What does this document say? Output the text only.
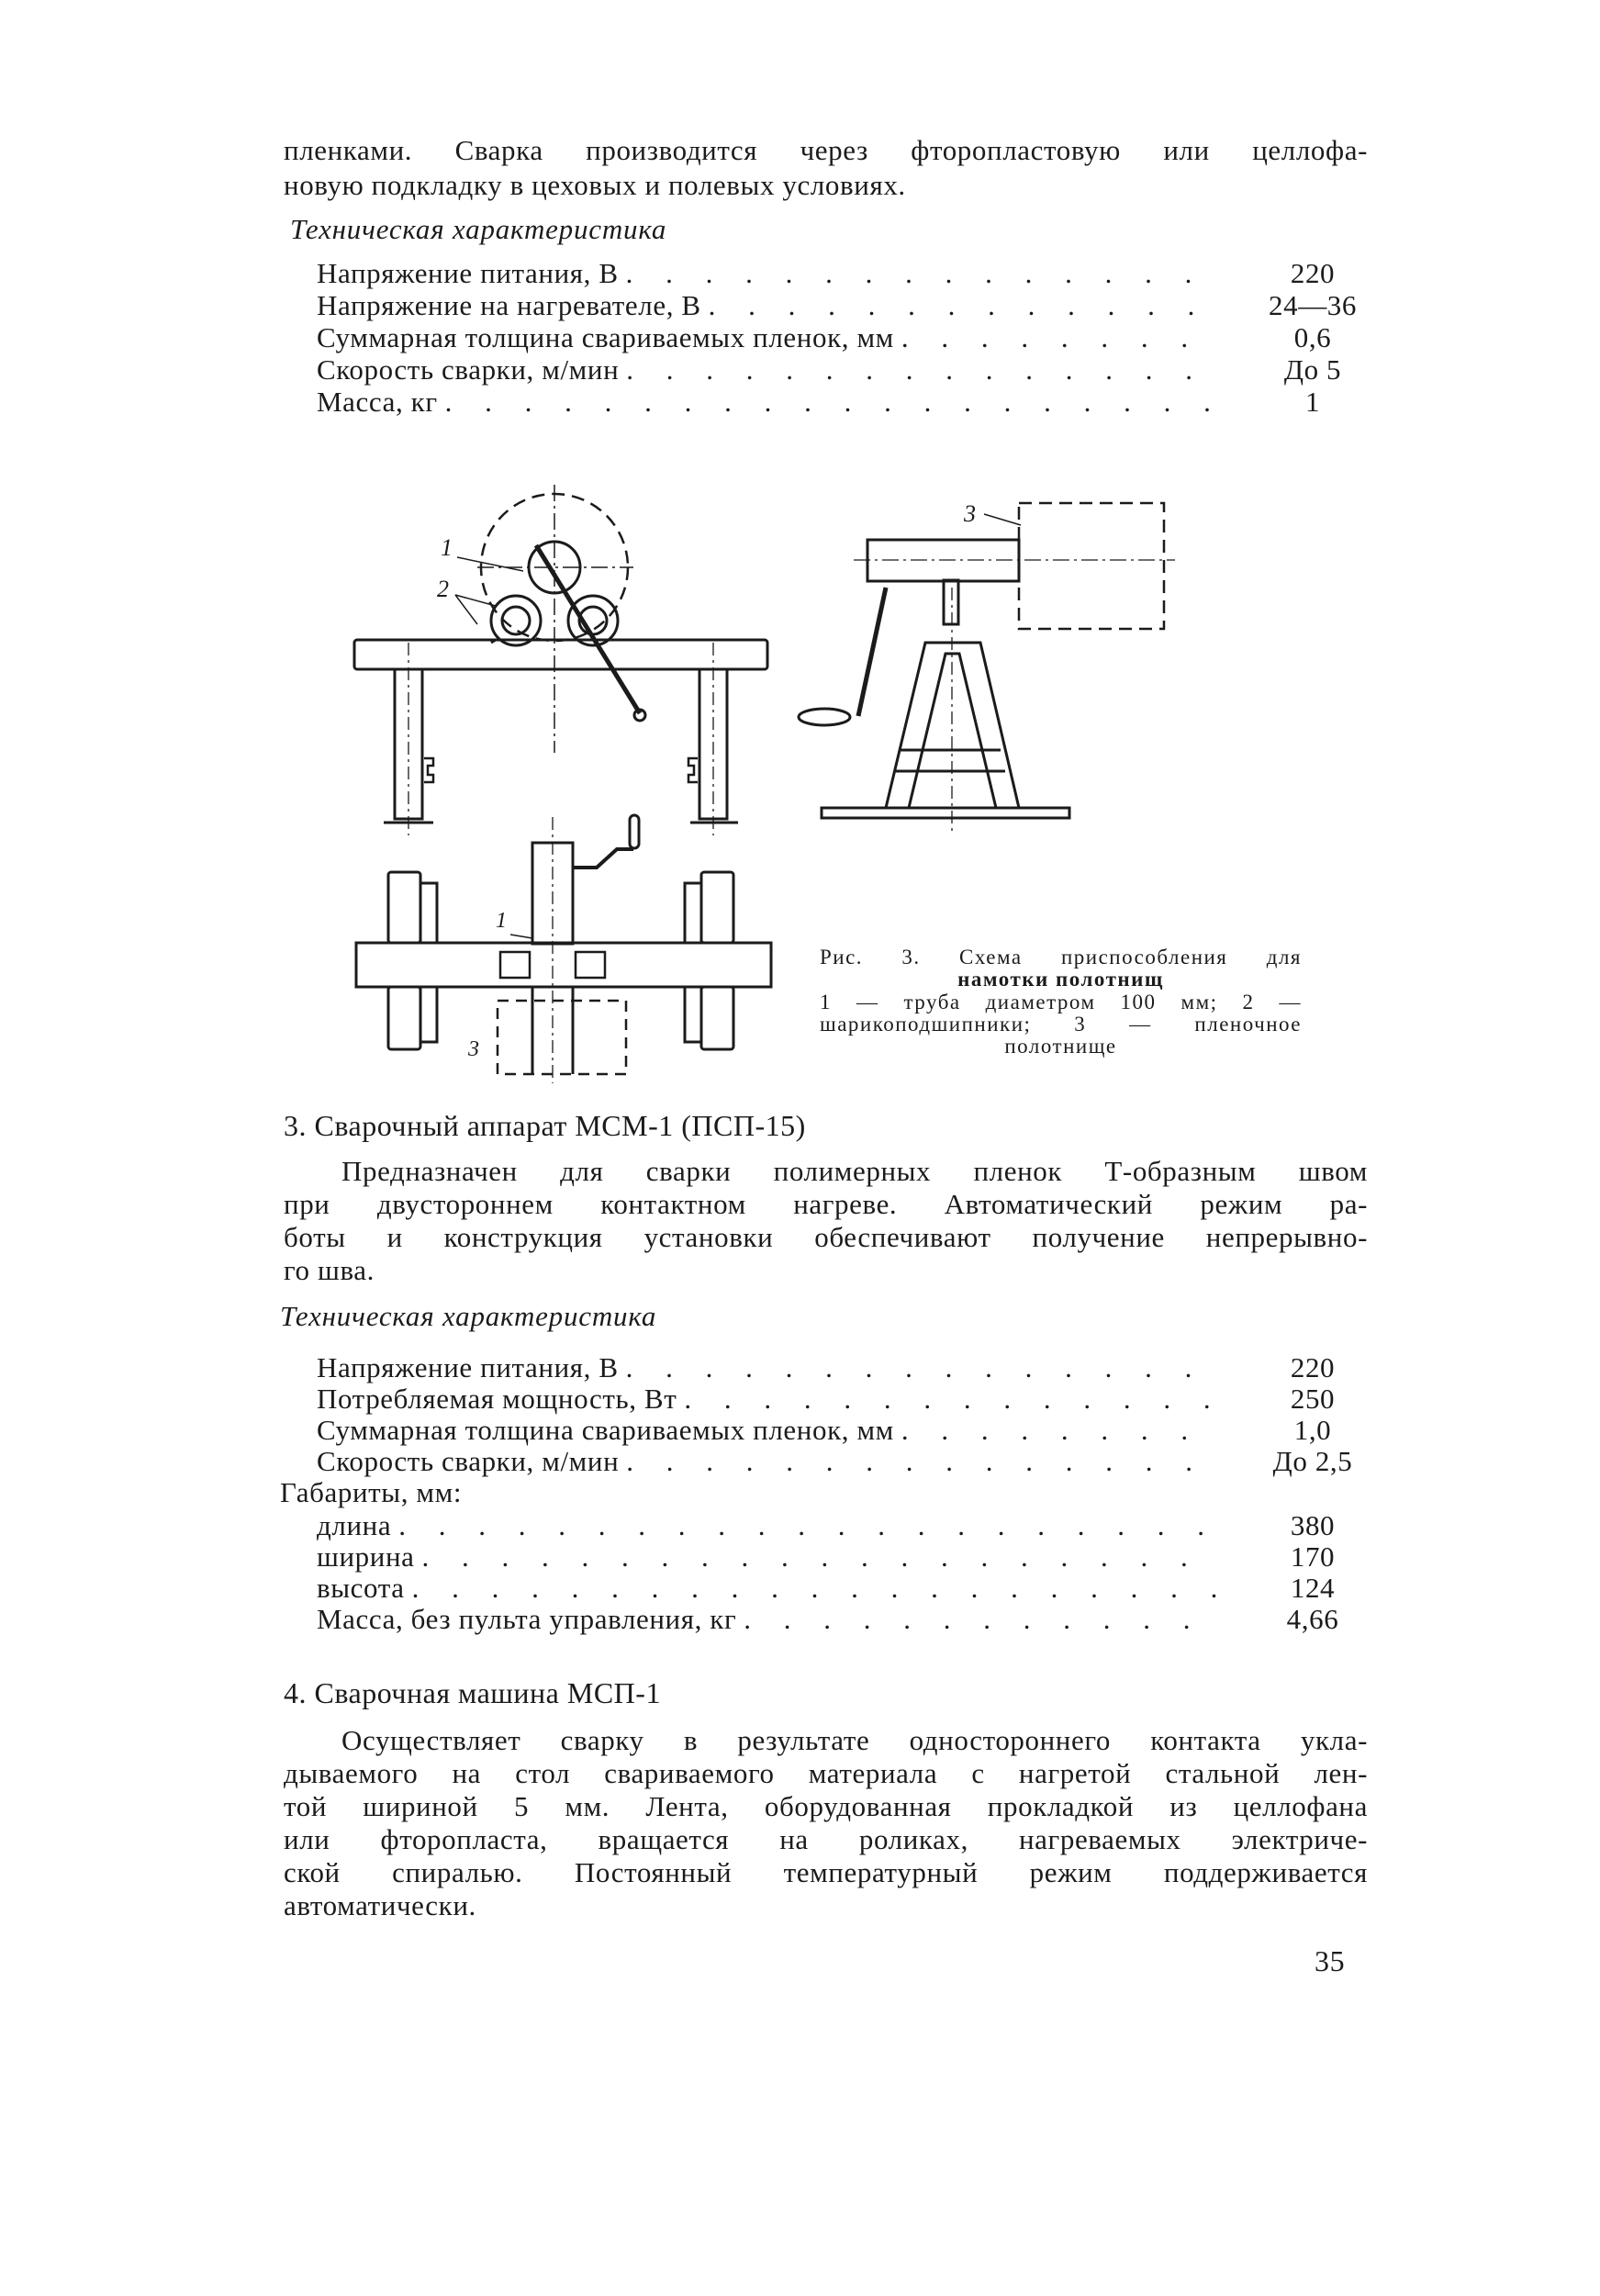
пленками. Сварка производится через фторопластовую или целлофа-
новую подкладку в цеховых и полевых условиях.
Техническая характеристика
Напряжение питания, В . . .	220
Напряжение на нагревателе, В . . .	24—36
Суммарная толщина свариваемых пленок, мм . . .	0,6
Скорость сварки, м/мин . . .	До 5
Масса, кг . . .	1
1
2
3
1
3
Рис. 3. Схема приспособления для
намотки полотнищ
1 — труба диаметром 100 мм; 2 —
шарикоподшипники; 3 — пленочное
полотнище
3. Сварочный аппарат МСМ-1 (ПСП-15)
Предназначен для сварки полимерных пленок Т-образным швом
при двустороннем контактном нагреве. Автоматический режим ра-
боты и конструкция установки обеспечивают получение непрерывно-
го шва.
Техническая характеристика
Напряжение питания, В . . .	220
Потребляемая мощность, Вт . . .	250
Суммарная толщина свариваемых пленок, мм . . .	1,0
Скорость сварки, м/мин . . .	До 2,5
Габариты, мм:
длина . . .	380
ширина . . .	170
высота . . .	124
Масса, без пульта управления, кг . . .	4,66
4. Сварочная машина МСП-1
Осуществляет сварку в результате одностороннего контакта укла-
дываемого на стол свариваемого материала с нагретой стальной лен-
той шириной 5 мм. Лента, оборудованная прокладкой из целлофана
или фторопласта, вращается на роликах, нагреваемых электриче-
ской спиралью. Постоянный температурный режим поддерживается
автоматически.
35
